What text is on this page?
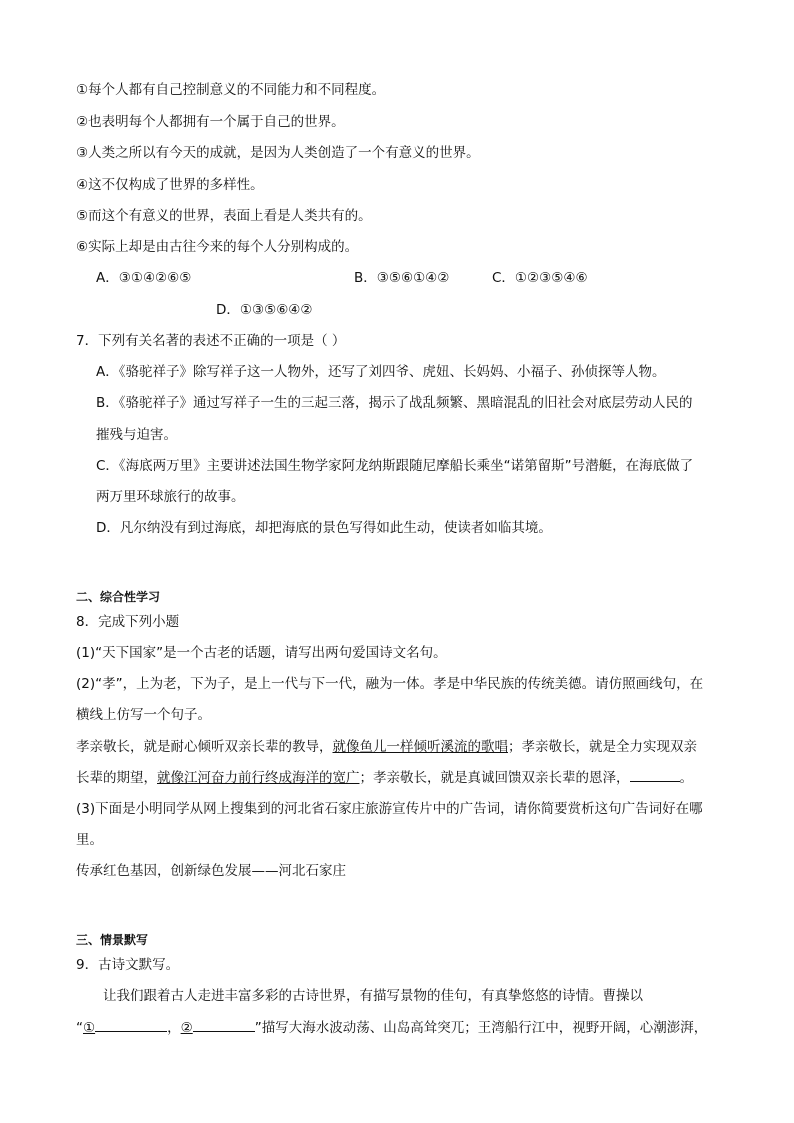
①每个人都有自己控制意义的不同能力和不同程度。
②也表明每个人都拥有一个属于自己的世界。
③人类之所以有今天的成就，是因为人类创造了一个有意义的世界。
④这不仅构成了世界的多样性。
⑤而这个有意义的世界，表面上看是人类共有的。
⑥实际上却是由古往今来的每个人分别构成的。
A．③①④②⑥⑤	B．③⑤⑥①④②	C．①②③⑤④⑥
D．①③⑤⑥④②
7．下列有关名著的表述不正确的一项是（ ）
A．《骆驼祥子》除写祥子这一人物外，还写了刘四爷、虎妞、长妈妈、小福子、孙侦探等人物。
B．《骆驼祥子》通过写祥子一生的三起三落，揭示了战乱频繁、黑暗混乱的旧社会对底层劳动人民的
摧残与迫害。
C．《海底两万里》主要讲述法国生物学家阿龙纳斯跟随尼摩船长乘坐“诺第留斯”号潜艇，在海底做了
两万里环球旅行的故事。
D．凡尔纳没有到过海底，却把海底的景色写得如此生动，使读者如临其境。
二、综合性学习
8．完成下列小题
(1)“天下国家”是一个古老的话题，请写出两句爱国诗文名句。
(2)“孝”，上为老，下为子，是上一代与下一代，融为一体。孝是中华民族的传统美德。请仿照画线句，在
横线上仿写一个句子。
孝亲敬长，就是耐心倾听双亲长辈的教导，就像鱼儿一样倾听溪流的歌唱；孝亲敬长，就是全力实现双亲
长辈的期望，就像江河奋力前行终成海洋的宽广；孝亲敬长，就是真诚回馈双亲长辈的恩泽，	。
(3)下面是小明同学从网上搜集到的河北省石家庄旅游宣传片中的广告词，请你简要赏析这句广告词好在哪
里。
传承红色基因，创新绿色发展——河北石家庄
三、情景默写
9．古诗文默写。
让我们跟着古人走进丰富多彩的古诗世界，有描写景物的佳句，有真挚悠悠的诗情。曹操以
“①	，②	”描写大海水波动荡、山岛高耸突兀；王湾船行江中，视野开阔，心潮澎湃，
